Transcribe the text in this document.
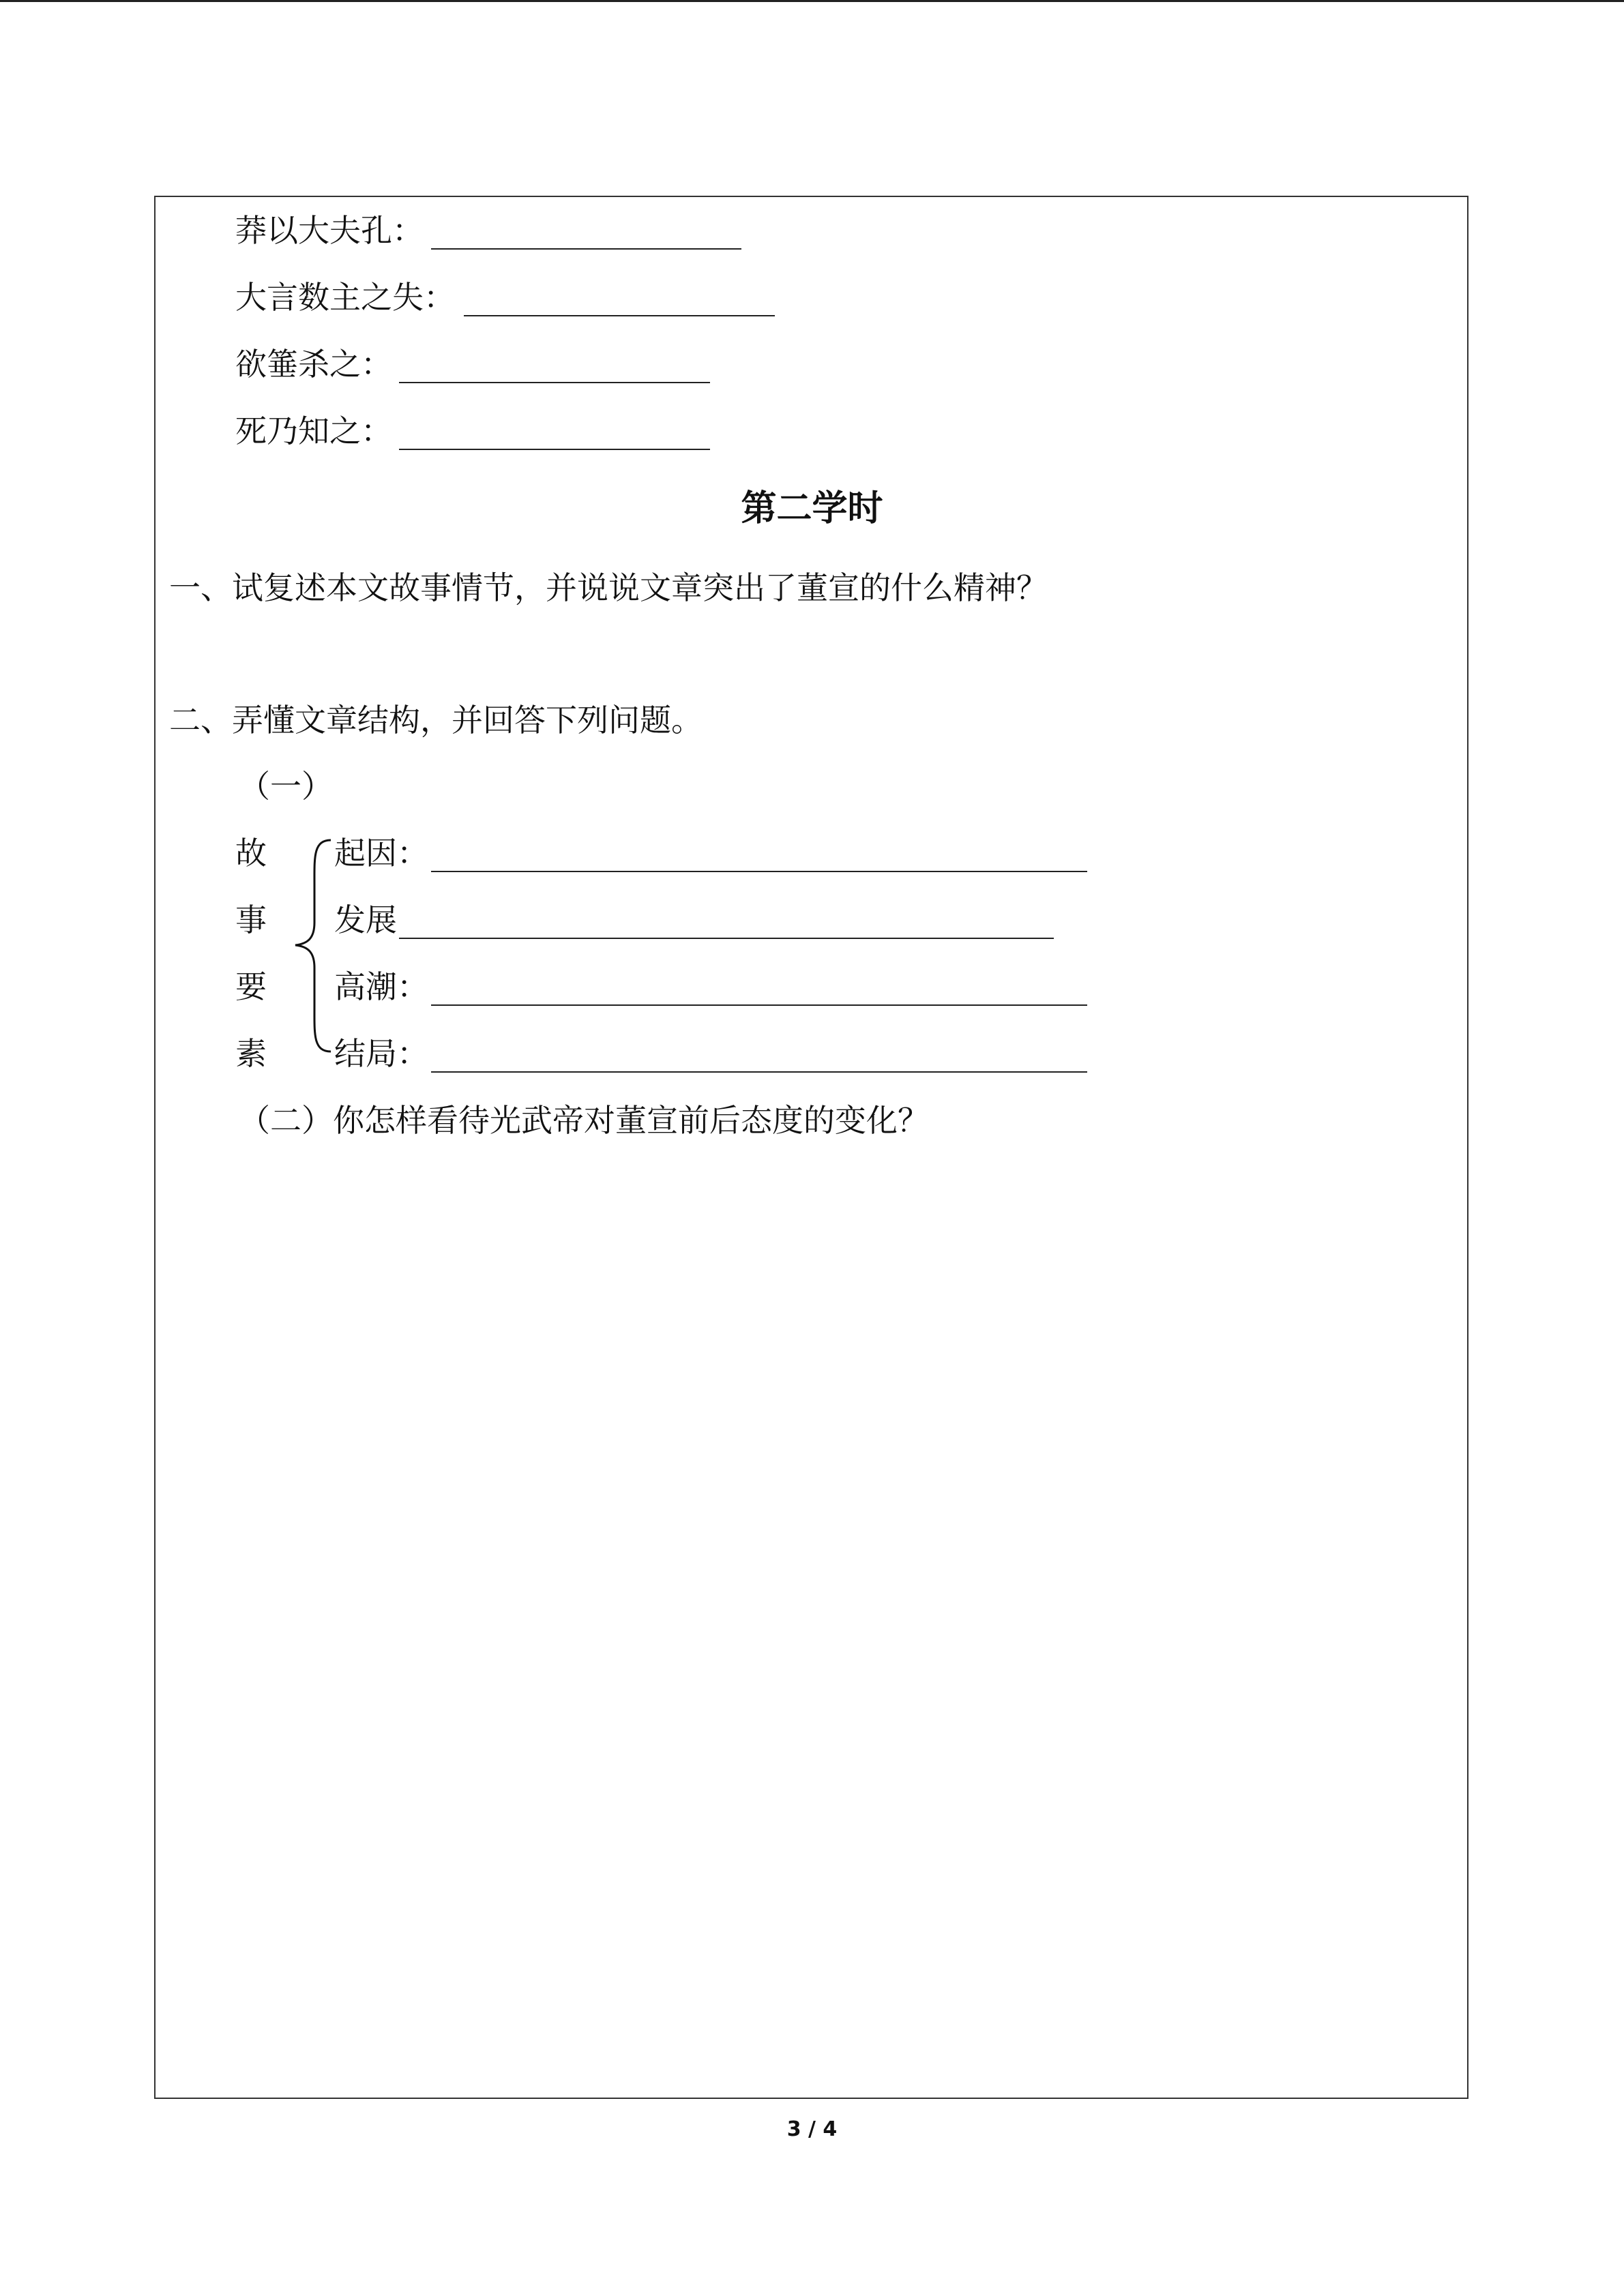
莽以大夫孔：
大言数主之失：
欲箠杀之：
死乃知之：
第二学时
一、试复述本文故事情节，并说说文章突出了董宣的什么精神？
二、弄懂文章结构，并回答下列问题。
（一）
故
事
要
素
起因：
发展
高潮：
结局：
（二）你怎样看待光武帝对董宣前后态度的变化？
3 / 4
